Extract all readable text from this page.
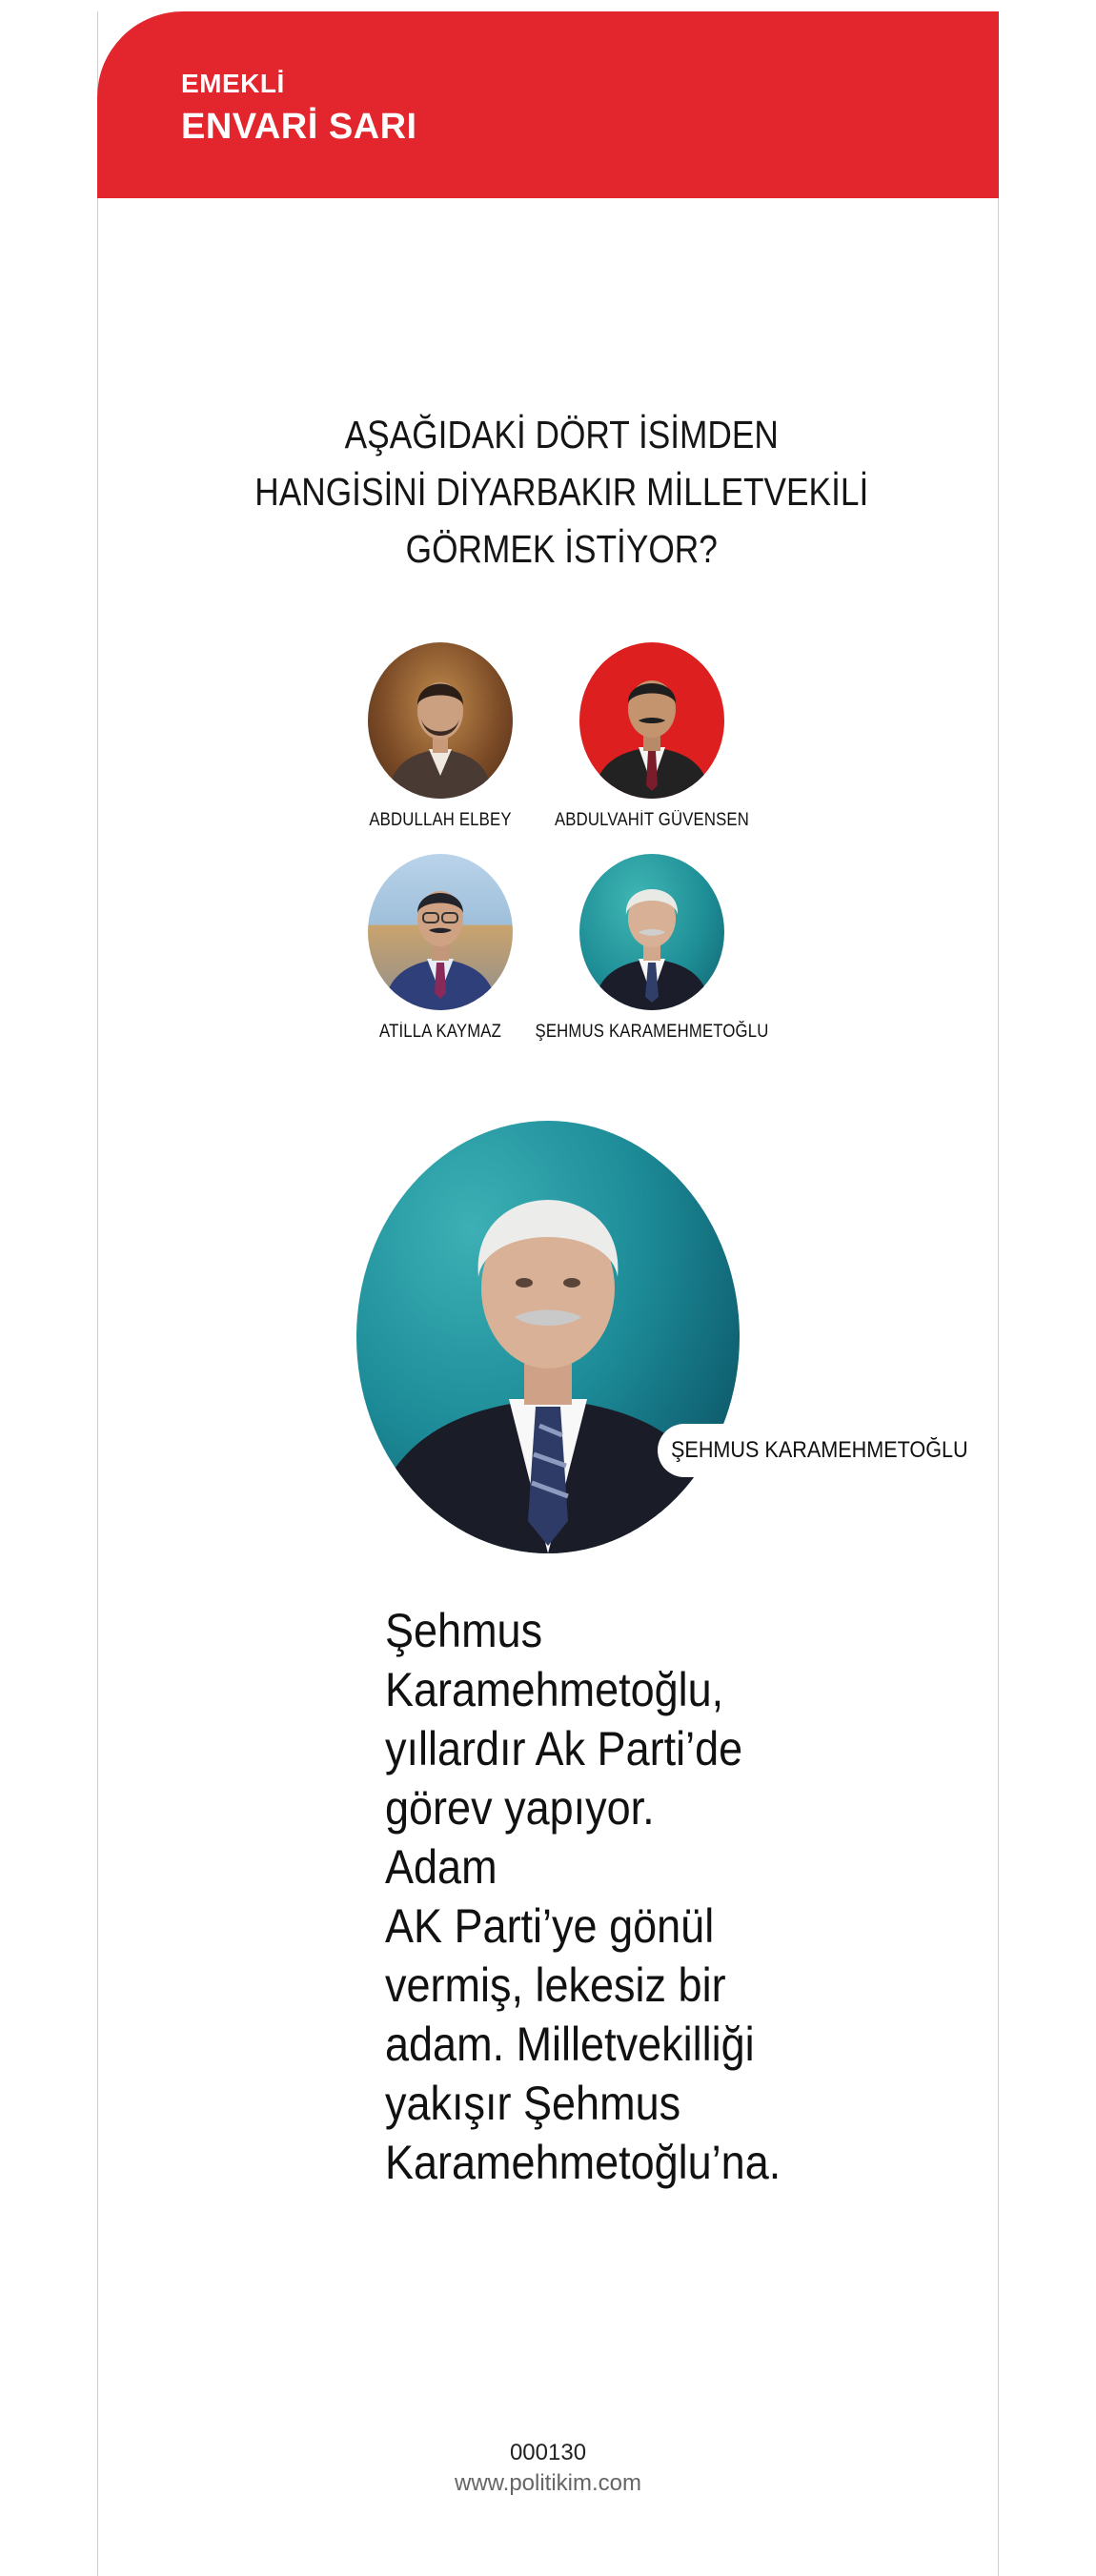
EMEKLİ
ENVARİ SARI
AŞAĞIDAKİ DÖRT İSİMDEN
HANGİSİNİ DİYARBAKIR MİLLETVEKİLİ
GÖRMEK İSTİYOR?
ABDULLAH ELBEY	ABDULVAHİT GÜVENSEN
ATİLLA KAYMAZ	ŞEHMUS KARAMEHMETOĞLU
ŞEHMUS KARAMEHMETOĞLU
Şehmus
Karamehmetoğlu,
yıllardır Ak Parti’de
görev yapıyor. Adam
AK Parti’ye gönül
vermiş, lekesiz bir
adam. Milletvekilliği
yakışır Şehmus
Karamehmetoğlu’na.
000130
www.politikim.com
